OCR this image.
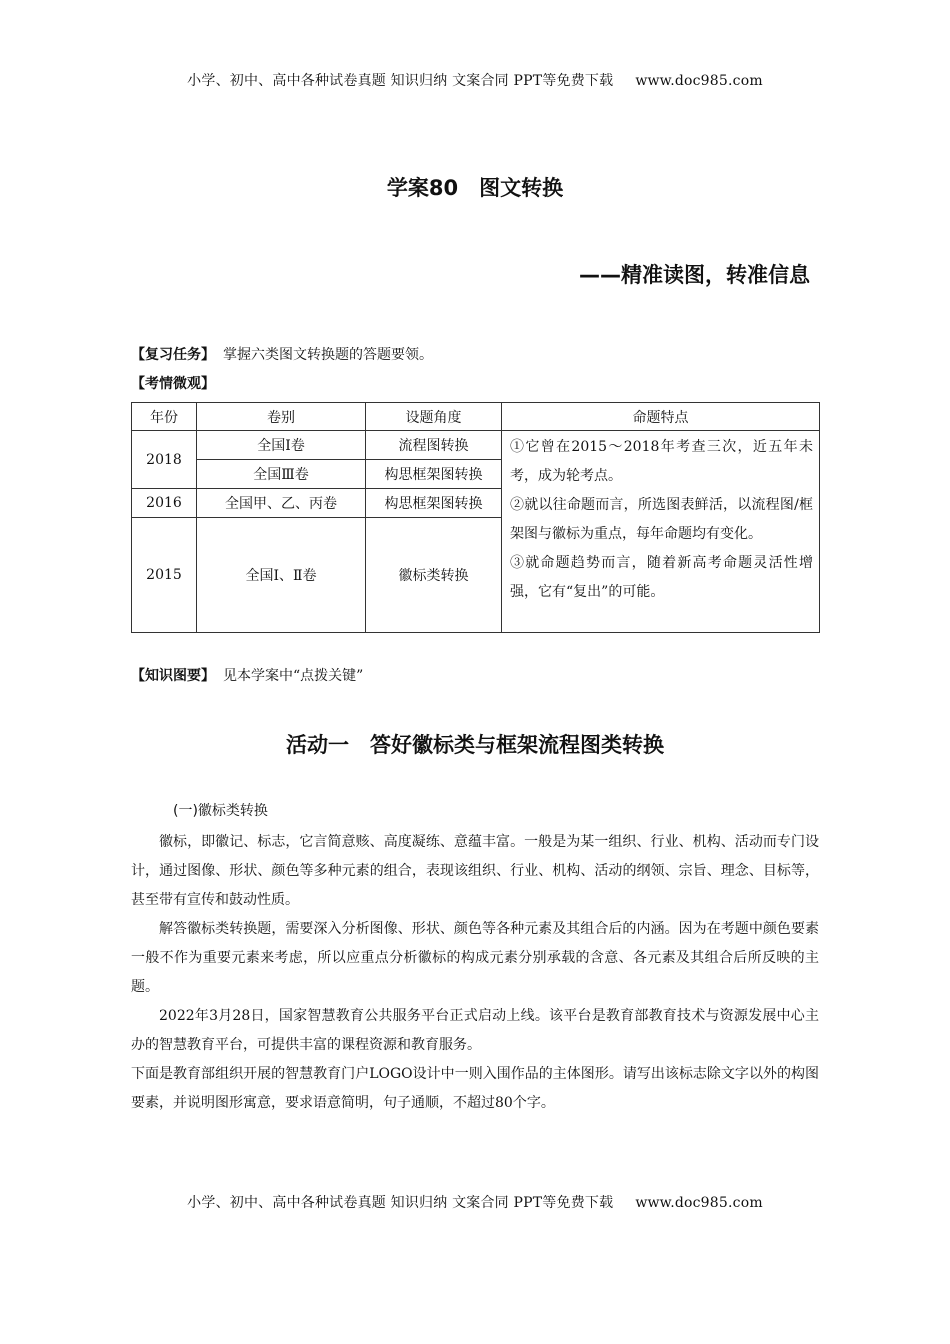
小学、初中、高中各种试卷真题 知识归纳 文案合同 PPT等免费下载 www.doc985.com
学案80　图文转换
——精准读图，转准信息
【复习任务】 掌握六类图文转换题的答题要领。
【考情微观】
年份	卷别	设题角度	命题特点
2018	全国Ⅰ卷	流程图转换	①它曾在2015～2018年考查三次，近五年未考，成为轮考点。
②就以往命题而言，所选图表鲜活，以流程图/框架图与徽标为重点，每年命题均有变化。
③就命题趋势而言，随着新高考命题灵活性增强，它有“复出”的可能。

	全国Ⅲ卷	构思框架图转换	
2016	全国甲、乙、丙卷	构思框架图转换	
2015	全国Ⅰ、Ⅱ卷	徽标类转换	
【知识图要】 见本学案中“点拨关键”
活动一　答好徽标类与框架流程图类转换
(一)徽标类转换

徽标，即徽记、标志，它言简意赅、高度凝练、意蕴丰富。一般是为某一组织、行业、机构、活动而专门设计，通过图像、形状、颜色等多种元素的组合，表现该组织、行业、机构、活动的纲领、宗旨、理念、目标等，甚至带有宣传和鼓动性质。

解答徽标类转换题，需要深入分析图像、形状、颜色等各种元素及其组合后的内涵。因为在考题中颜色要素一般不作为重要元素来考虑，所以应重点分析徽标的构成元素分别承载的含意、各元素及其组合后所反映的主题。

2022年3月28日，国家智慧教育公共服务平台正式启动上线。该平台是教育部教育技术与资源发展中心主办的智慧教育平台，可提供丰富的课程资源和教育服务。

下面是教育部组织开展的智慧教育门户LOGO设计中一则入围作品的主体图形。请写出该标志除文字以外的构图要素，并说明图形寓意，要求语意简明，句子通顺，不超过80个字。

小学、初中、高中各种试卷真题 知识归纳 文案合同 PPT等免费下载 www.doc985.com
